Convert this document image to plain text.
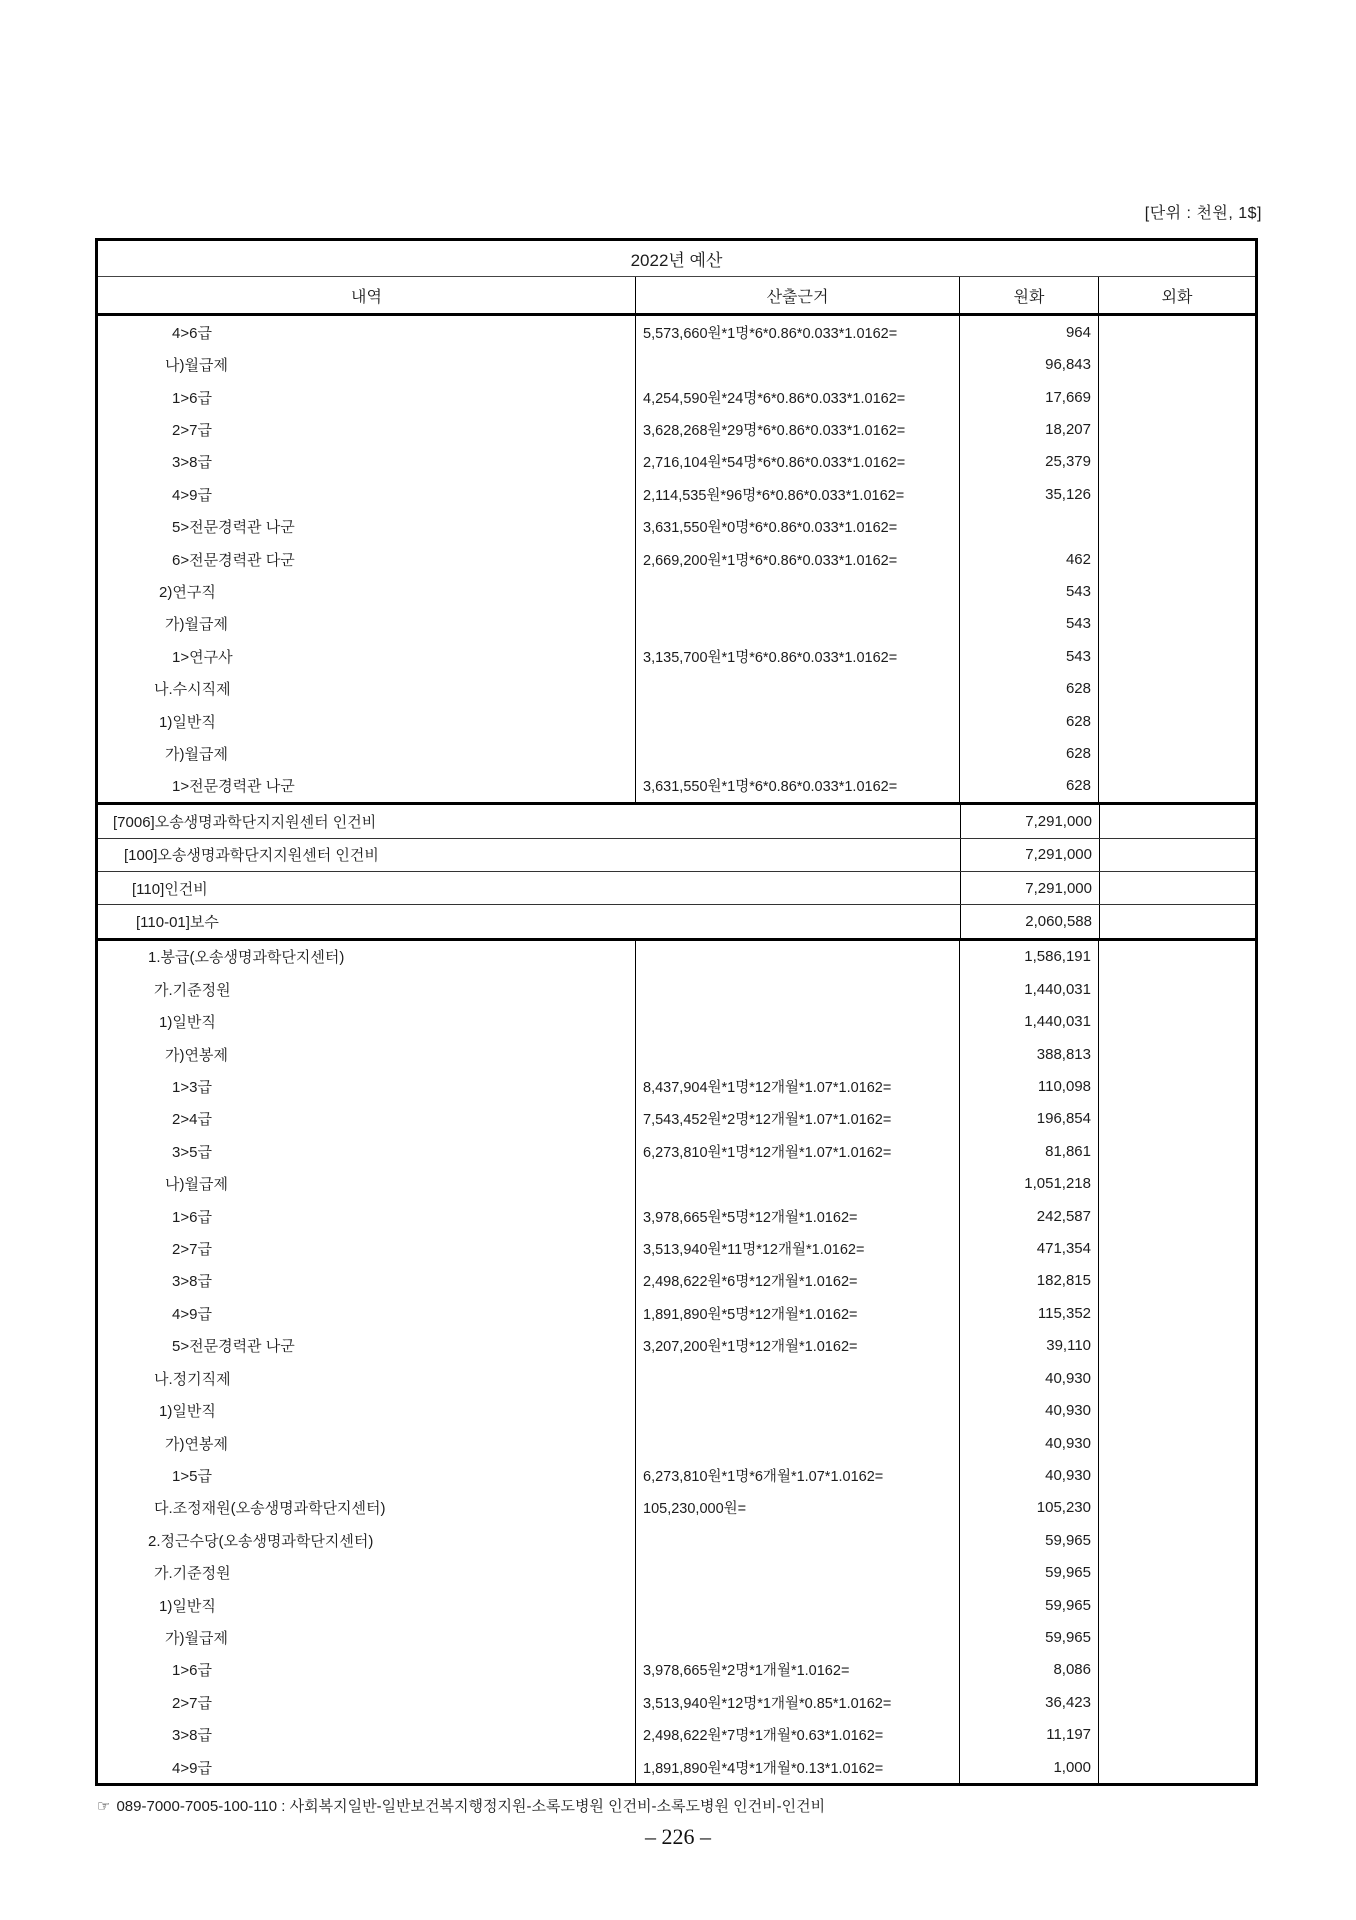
[단위 : 천원, 1$]
2022년 예산
내역	산출근거	원화	외화
4>6급	5,573,660원*1명*6*0.86*0.033*1.0162=	964
나)월급제	96,843
1>6급	4,254,590원*24명*6*0.86*0.033*1.0162=	17,669
2>7급	3,628,268원*29명*6*0.86*0.033*1.0162=	18,207
3>8급	2,716,104원*54명*6*0.86*0.033*1.0162=	25,379
4>9급	2,114,535원*96명*6*0.86*0.033*1.0162=	35,126
5>전문경력관 나군	3,631,550원*0명*6*0.86*0.033*1.0162=
6>전문경력관 다군	2,669,200원*1명*6*0.86*0.033*1.0162=	462
2)연구직	543
가)월급제	543
1>연구사	3,135,700원*1명*6*0.86*0.033*1.0162=	543
나.수시직제	628
1)일반직	628
가)월급제	628
1>전문경력관 나군	3,631,550원*1명*6*0.86*0.033*1.0162=	628
[7006]오송생명과학단지지원센터 인건비	7,291,000
[100]오송생명과학단지지원센터 인건비	7,291,000
[110]인건비	7,291,000
[110-01]보수	2,060,588
1.봉급(오송생명과학단지센터)	1,586,191
가.기준정원	1,440,031
1)일반직	1,440,031
가)연봉제	388,813
1>3급	8,437,904원*1명*12개월*1.07*1.0162=	110,098
2>4급	7,543,452원*2명*12개월*1.07*1.0162=	196,854
3>5급	6,273,810원*1명*12개월*1.07*1.0162=	81,861
나)월급제	1,051,218
1>6급	3,978,665원*5명*12개월*1.0162=	242,587
2>7급	3,513,940원*11명*12개월*1.0162=	471,354
3>8급	2,498,622원*6명*12개월*1.0162=	182,815
4>9급	1,891,890원*5명*12개월*1.0162=	115,352
5>전문경력관 나군	3,207,200원*1명*12개월*1.0162=	39,110
나.정기직제	40,930
1)일반직	40,930
가)연봉제	40,930
1>5급	6,273,810원*1명*6개월*1.07*1.0162=	40,930
다.조정재원(오송생명과학단지센터)	105,230,000원=	105,230
2.정근수당(오송생명과학단지센터)	59,965
가.기준정원	59,965
1)일반직	59,965
가)월급제	59,965
1>6급	3,978,665원*2명*1개월*1.0162=	8,086
2>7급	3,513,940원*12명*1개월*0.85*1.0162=	36,423
3>8급	2,498,622원*7명*1개월*0.63*1.0162=	11,197
4>9급	1,891,890원*4명*1개월*0.13*1.0162=	1,000
☞ 089-7000-7005-100-110 : 사회복지일반-일반보건복지행정지원-소록도병원 인건비-소록도병원 인건비-인건비
– 226 –
